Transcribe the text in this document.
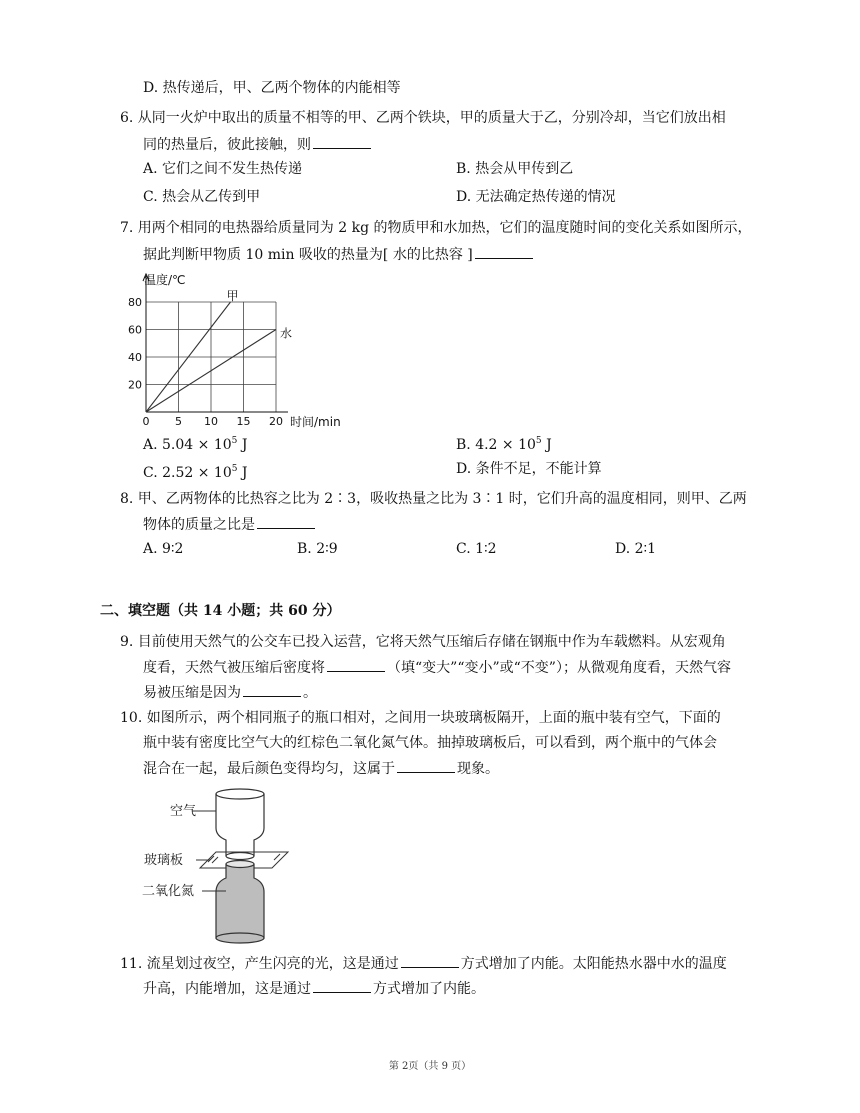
D. 热传递后，甲、乙两个物体的内能相等
6. 从同一火炉中取出的质量不相等的甲、乙两个铁块，甲的质量大于乙，分别冷却，当它们放出相
同的热量后，彼此接触，则
A. 它们之间不发生热传递	B. 热会从甲传到乙
C. 热会从乙传到甲	D. 无法确定热传递的情况
7. 用两个相同的电热器给质量同为 2 kg 的物质甲和水加热，它们的温度随时间的变化关系如图所示，
据此判断甲物质 10 min 吸收的热量为[ 水的比热容 ]
0 5 10 15 20
20
40
60
80	甲
水
温度/℃
时间/min
A. $5.04 \times 10^5$ J	B. $4.2 \times 10^5$ J
C. $2.52 \times 10^5$ J	D. 条件不足，不能计算
8. 甲、乙两物体的比热容之比为 2∶3，吸收热量之比为 3∶1 时，它们升高的温度相同，则甲、乙两
物体的质量之比是
A. 9∶2	B. 2∶9	C. 1∶2	D. 2∶1
二、填空题（共 14 小题；共 60 分）
9. 目前使用天然气的公交车已投入运营，它将天然气压缩后存储在钢瓶中作为车载燃料。从宏观角
度看，天然气被压缩后密度将	（填“变大”“变小”或“不变”）；从微观角度看，天然气容
易被压缩是因为	。
10. 如图所示，两个相同瓶子的瓶口相对，之间用一块玻璃板隔开，上面的瓶中装有空气，下面的
瓶中装有密度比空气大的红棕色二氧化氮气体。抽掉玻璃板后，可以看到，两个瓶中的气体会
混合在一起，最后颜色变得均匀，这属于	现象。
空气
玻璃板
二氧化氮
11. 流星划过夜空，产生闪亮的光，这是通过	方式增加了内能。太阳能热水器中水的温度
升高，内能增加，这是通过	方式增加了内能。
第 2页（共 9 页）
